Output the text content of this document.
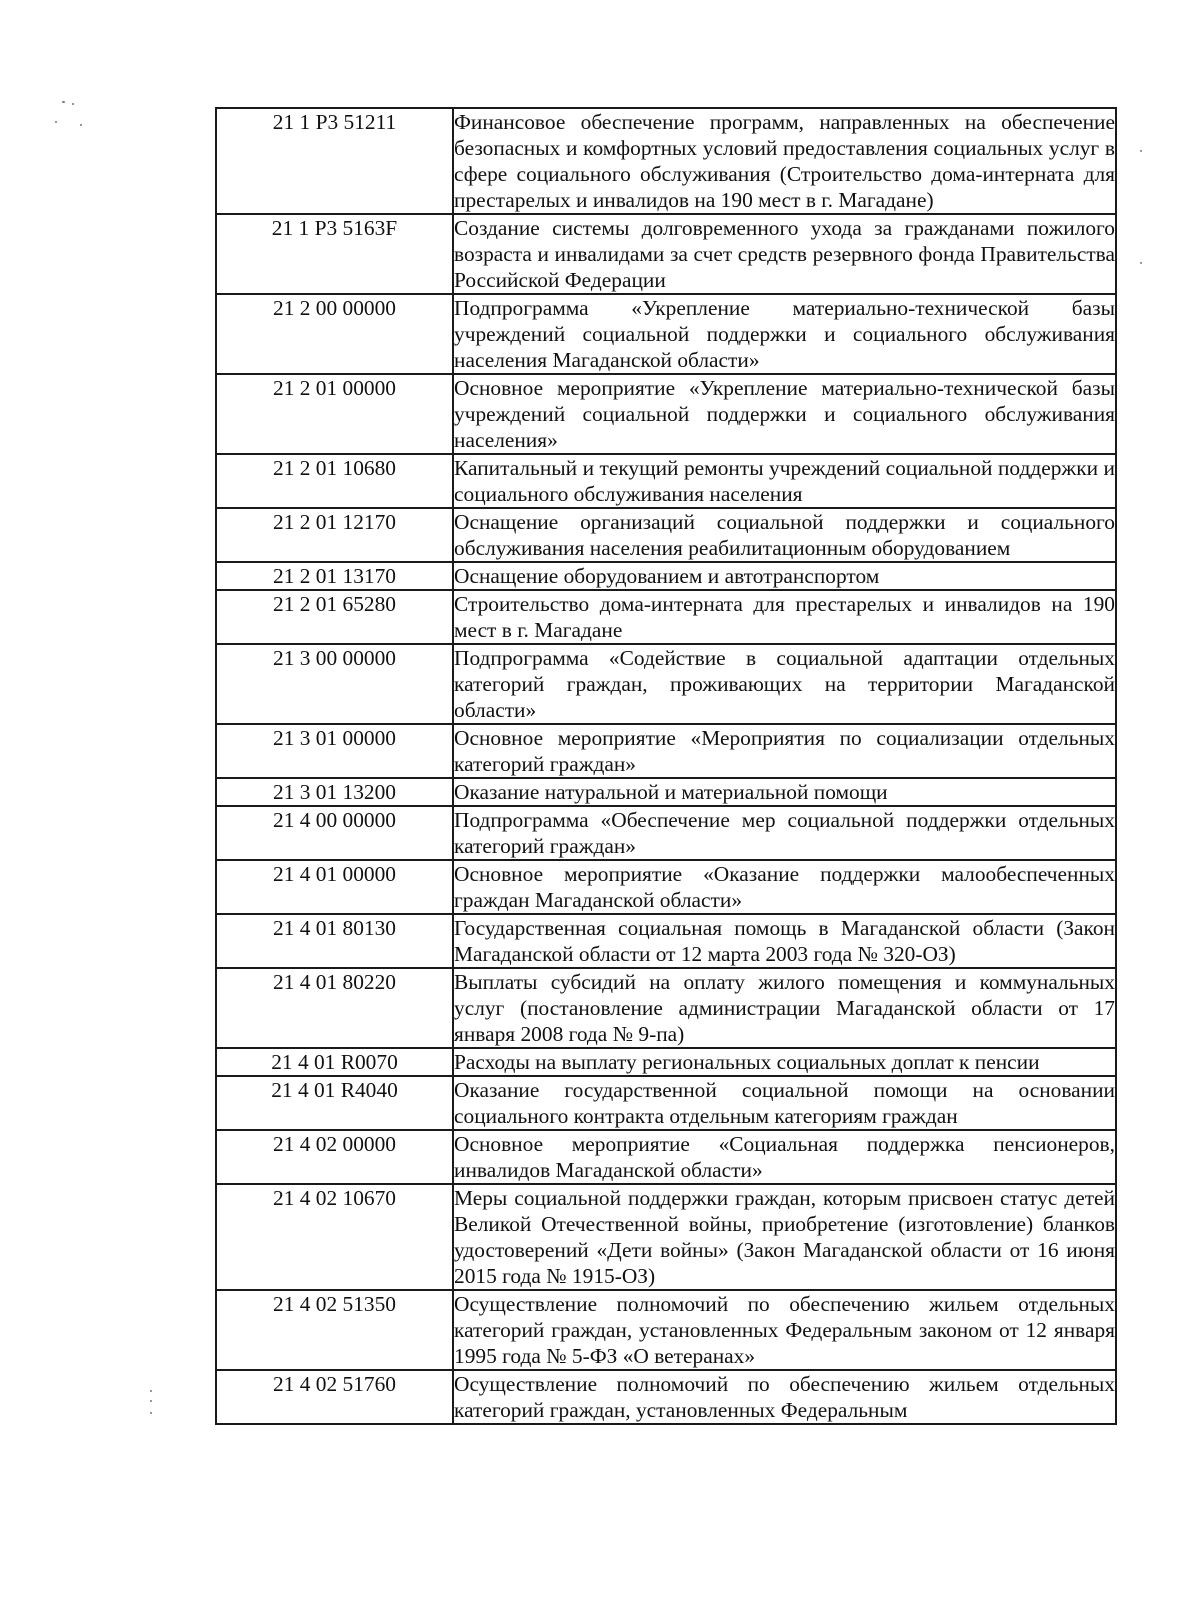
21 1 P3 51211	Финансовое обеспечение программ, направленных на обеспечение безопасных и комфортных условий предоставления социальных услуг в сфере социального обслуживания (Строительство дома-интерната для престарелых и инвалидов на 190 мест в г. Магадане)
21 1 P3 5163F	Создание системы долговременного ухода за гражданами пожилого возраста и инвалидами за счет средств резервного фонда Правительства Российской Федерации
21 2 00 00000	Подпрограмма «Укрепление материально-технической базы учреждений социальной поддержки и социального обслуживания населения Магаданской области»
21 2 01 00000	Основное мероприятие «Укрепление материально-технической базы учреждений социальной поддержки и социального обслуживания населения»
21 2 01 10680	Капитальный и текущий ремонты учреждений социальной поддержки и социального обслуживания населения
21 2 01 12170	Оснащение организаций социальной поддержки и социального обслуживания населения реабилитационным оборудованием
21 2 01 13170	Оснащение оборудованием и автотранспортом
21 2 01 65280	Строительство дома-интерната для престарелых и инвалидов на 190 мест в г. Магадане
21 3 00 00000	Подпрограмма «Содействие в социальной адаптации отдельных категорий граждан, проживающих на территории Магаданской области»
21 3 01 00000	Основное мероприятие «Мероприятия по социализации отдельных категорий граждан»
21 3 01 13200	Оказание натуральной и материальной помощи
21 4 00 00000	Подпрограмма «Обеспечение мер социальной поддержки отдельных категорий граждан»
21 4 01 00000	Основное мероприятие «Оказание поддержки малообеспеченных граждан Магаданской области»
21 4 01 80130	Государственная социальная помощь в Магаданской области (Закон Магаданской области от 12 марта 2003 года № 320-ОЗ)
21 4 01 80220	Выплаты субсидий на оплату жилого помещения и коммунальных услуг (постановление администрации Магаданской области от 17 января 2008 года № 9-па)
21 4 01 R0070	Расходы на выплату региональных социальных доплат к пенсии
21 4 01 R4040	Оказание государственной социальной помощи на основании социального контракта отдельным категориям граждан
21 4 02 00000	Основное мероприятие «Социальная поддержка пенсионеров, инвалидов Магаданской области»
21 4 02 10670	Меры социальной поддержки граждан, которым присвоен статус детей Великой Отечественной войны, приобретение (изготовление) бланков удостоверений «Дети войны» (Закон Магаданской области от 16 июня 2015 года № 1915-ОЗ)
21 4 02 51350	Осуществление полномочий по обеспечению жильем отдельных категорий граждан, установленных Федеральным законом от 12 января 1995 года № 5-ФЗ «О ветеранах»
21 4 02 51760	Осуществление полномочий по обеспечению жильем отдельных категорий граждан, установленных Федеральным
